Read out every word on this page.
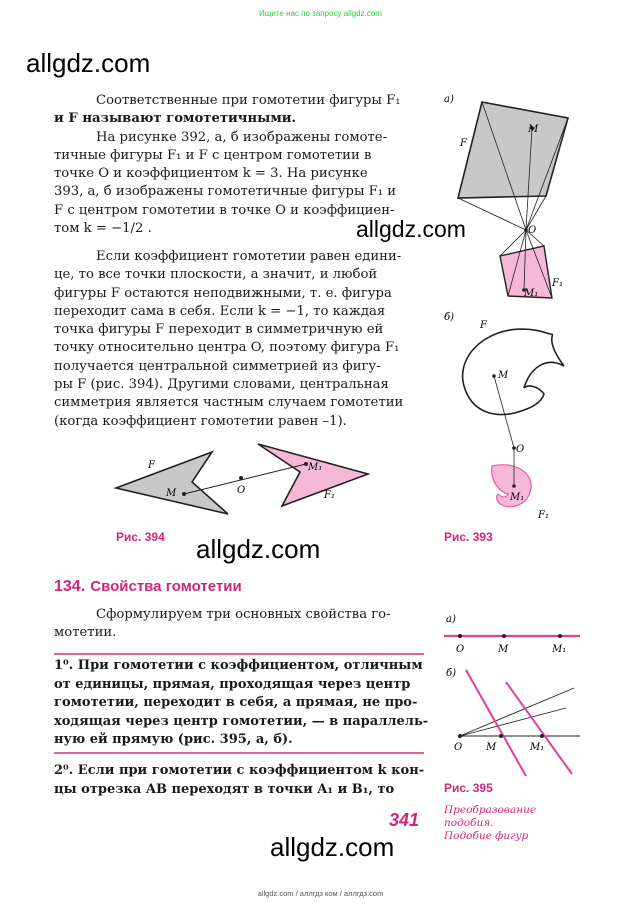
Ищите нас по запросу allgdz.com
allgdz.com
allgdz.com
allgdz.com
allgdz.com
Соответственные при гомотетии фигуры F₁
и F называют гомотетичными.
На рисунке 392, а, б изображены гомоте-
тичные фигуры F₁ и F с центром гомотетии в
точке O и коэффициентом k = 3. На рисунке
393, а, б изображены гомотетичные фигуры F₁ и
F с центром гомотетии в точке O и коэффициен-
том k = −1/2 .
Если коэффициент гомотетии равен едини-
це, то все точки плоскости, а значит, и любой
фигуры F остаются неподвижными, т. е. фигура
переходит сама в себя. Если k = −1, то каждая
точка фигуры F переходит в симметричную ей
точку относительно центра O, поэтому фигура F₁
получается центральной симметрией из фигу-
ры F (рис. 394). Другими словами, центральная
симметрия является частным случаем гомотетии
(когда коэффициент гомотетии равен –1).
F
M	O
M₁
F₁
Рис. 394
а)
F
M
O
M₁
F₁
б)
F
M
O
M₁
F₁
Рис. 393
134. Свойства гомотетии
Сформулируем три основных свойства го-
мотетии.
1⁰. При гомотетии с коэффициентом, отличным
от единицы, прямая, проходящая через центр
гомотетии, переходит в себя, а прямая, не про-
ходящая через центр гомотетии, — в параллель-
ную ей прямую (рис. 395, а, б).
2⁰. Если при гомотетии с коэффициентом k кон-
цы отрезка AB переходят в точки A₁ и B₁, то
а)
O	M	M₁
б)
O M	M₁
Рис. 395
341 Преобразование
подобия.
Подобие фигур
allgdz.com / аллгдз ком / аллгдз.com
